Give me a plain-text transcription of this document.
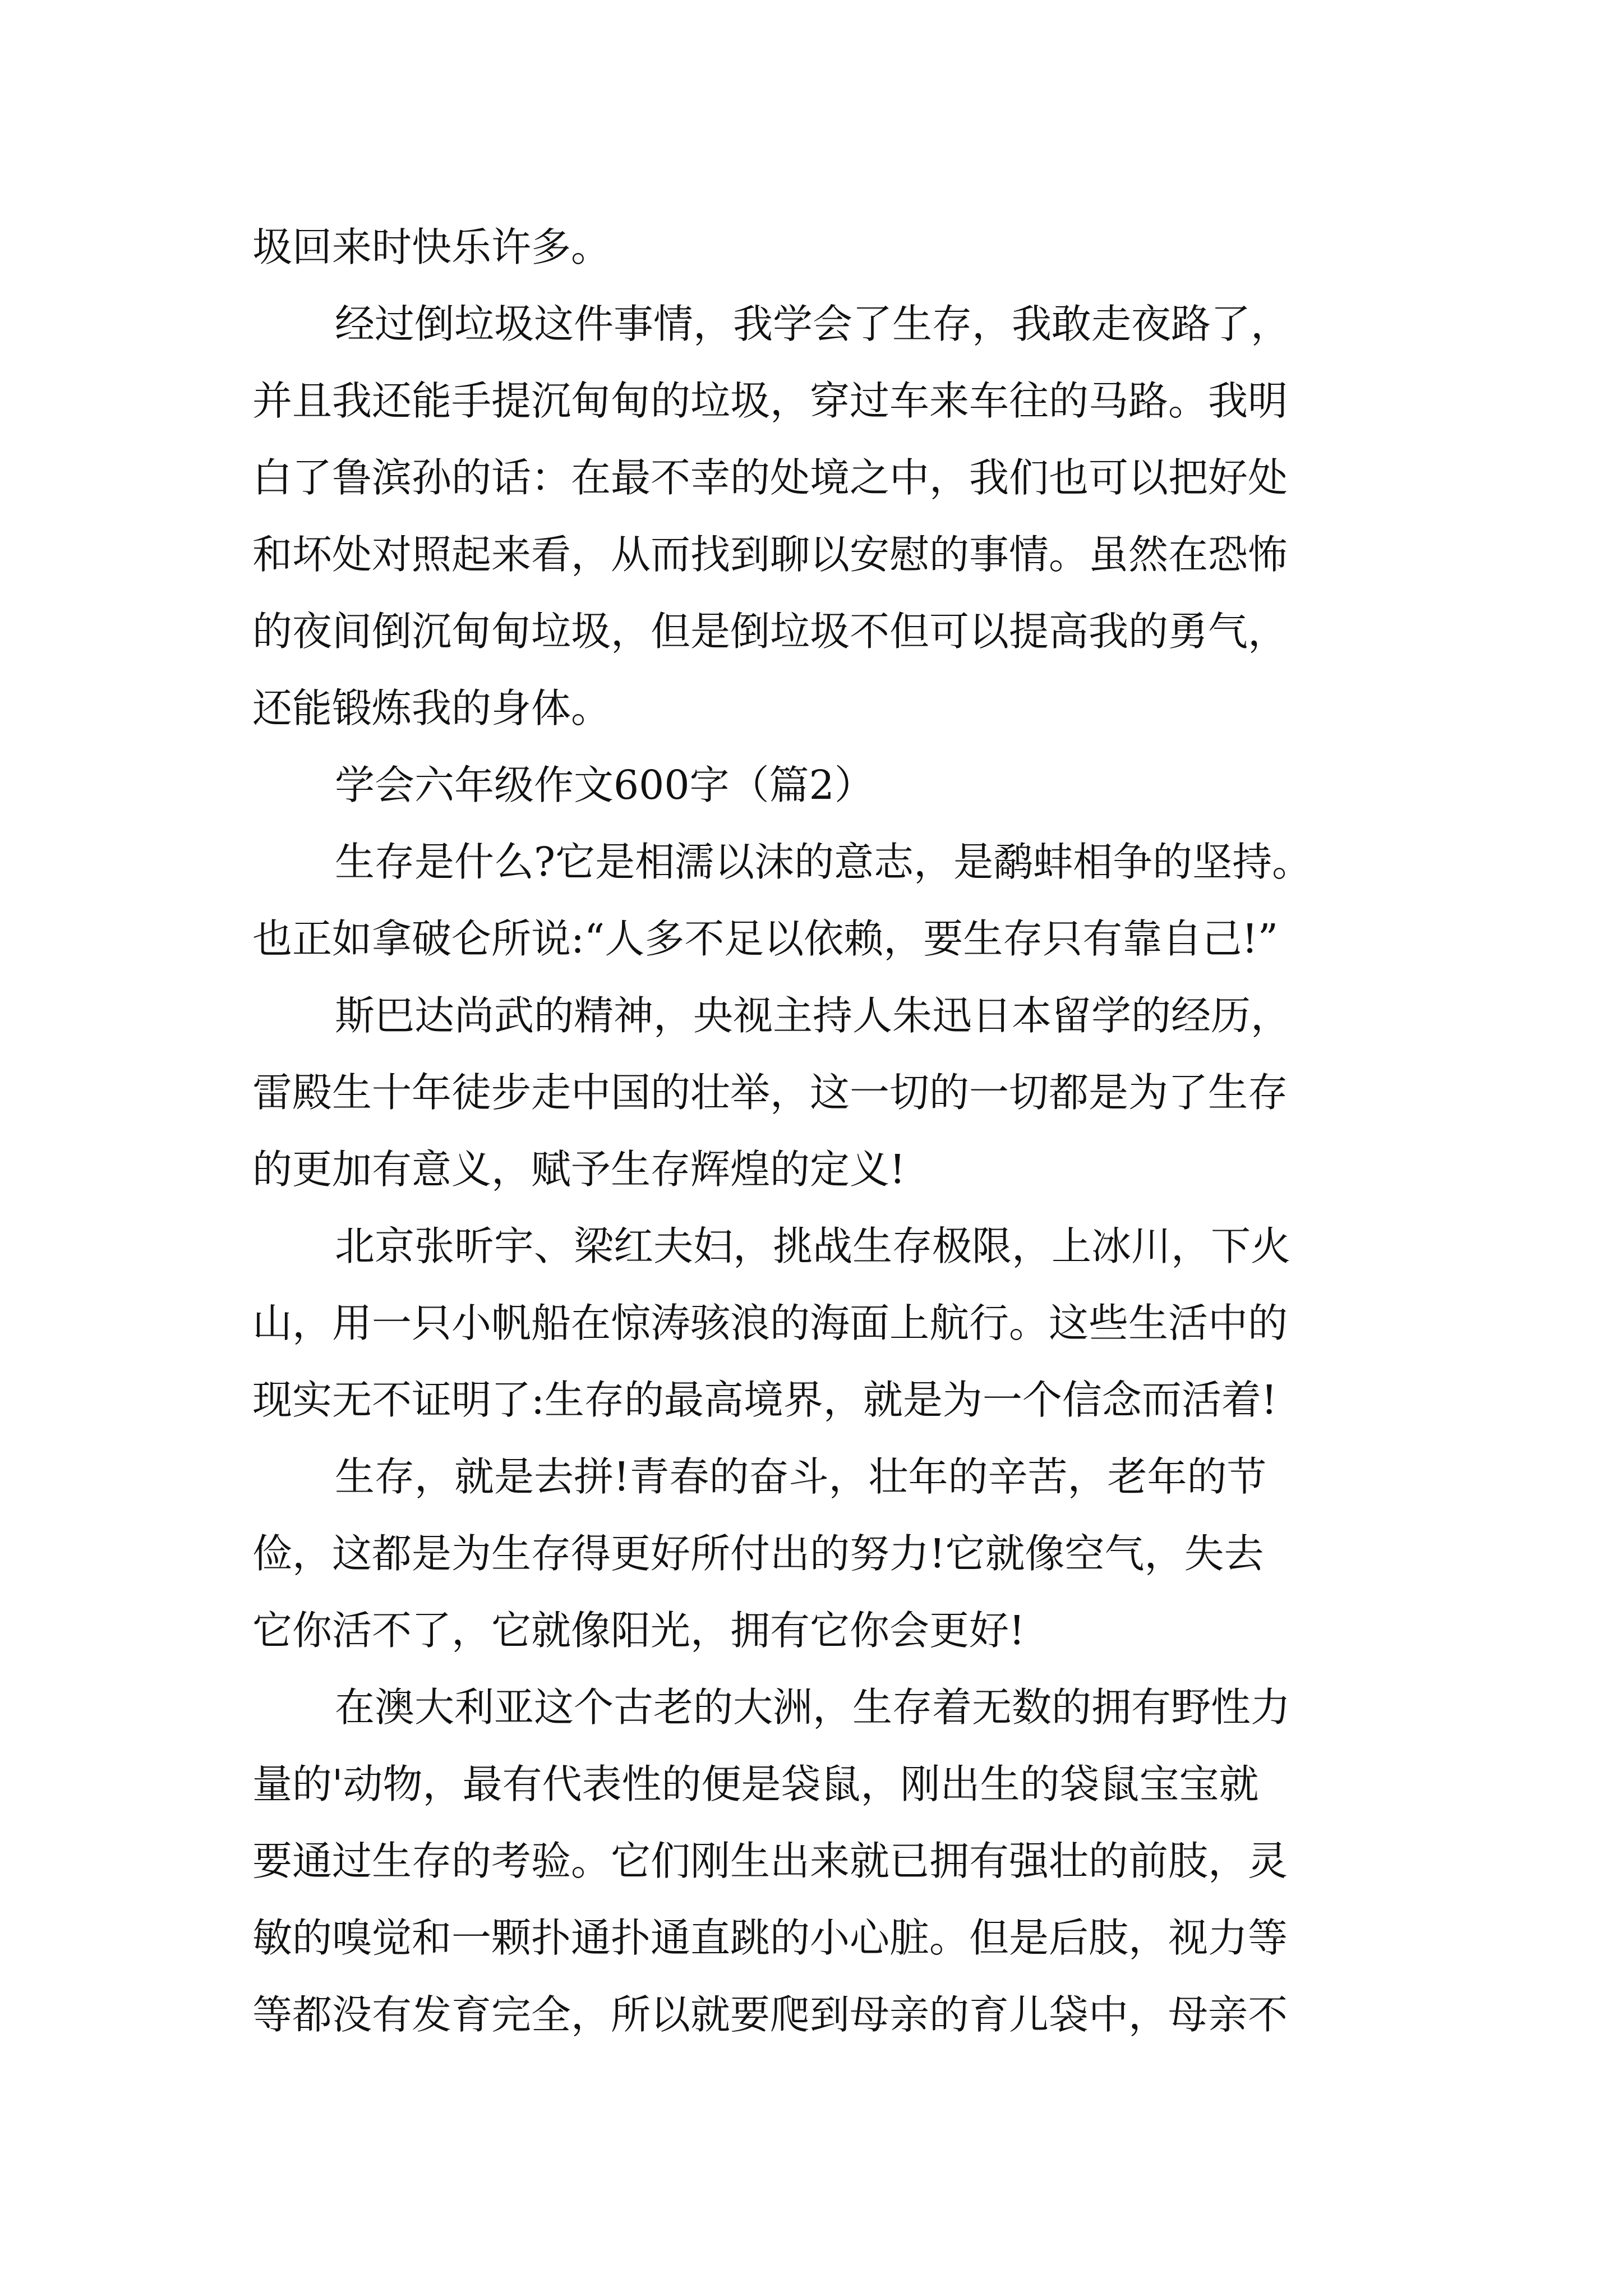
圾回来时快乐许多。
经过倒垃圾这件事情，我学会了生存，我敢走夜路了，
并且我还能手提沉甸甸的垃圾，穿过车来车往的马路。我明
白了鲁滨孙的话：在最不幸的处境之中，我们也可以把好处
和坏处对照起来看，从而找到聊以安慰的事情。虽然在恐怖
的夜间倒沉甸甸垃圾，但是倒垃圾不但可以提高我的勇气，
还能锻炼我的身体。
学会六年级作文600字（篇2）
生存是什么?它是相濡以沫的意志，是鹬蚌相争的坚持。
也正如拿破仑所说:“人多不足以依赖，要生存只有靠自己!”
斯巴达尚武的精神，央视主持人朱迅日本留学的经历，
雷殿生十年徒步走中国的壮举，这一切的一切都是为了生存
的更加有意义，赋予生存辉煌的定义!
北京张昕宇、梁红夫妇，挑战生存极限，上冰川，下火
山，用一只小帆船在惊涛骇浪的海面上航行。这些生活中的
现实无不证明了:生存的最高境界，就是为一个信念而活着!
生存，就是去拼!青春的奋斗，壮年的辛苦，老年的节
俭，这都是为生存得更好所付出的努力!它就像空气，失去
它你活不了，它就像阳光，拥有它你会更好!
在澳大利亚这个古老的大洲，生存着无数的拥有野性力
量的'动物，最有代表性的便是袋鼠，刚出生的袋鼠宝宝就
要通过生存的考验。它们刚生出来就已拥有强壮的前肢，灵
敏的嗅觉和一颗扑通扑通直跳的小心脏。但是后肢，视力等
等都没有发育完全，所以就要爬到母亲的育儿袋中，母亲不
